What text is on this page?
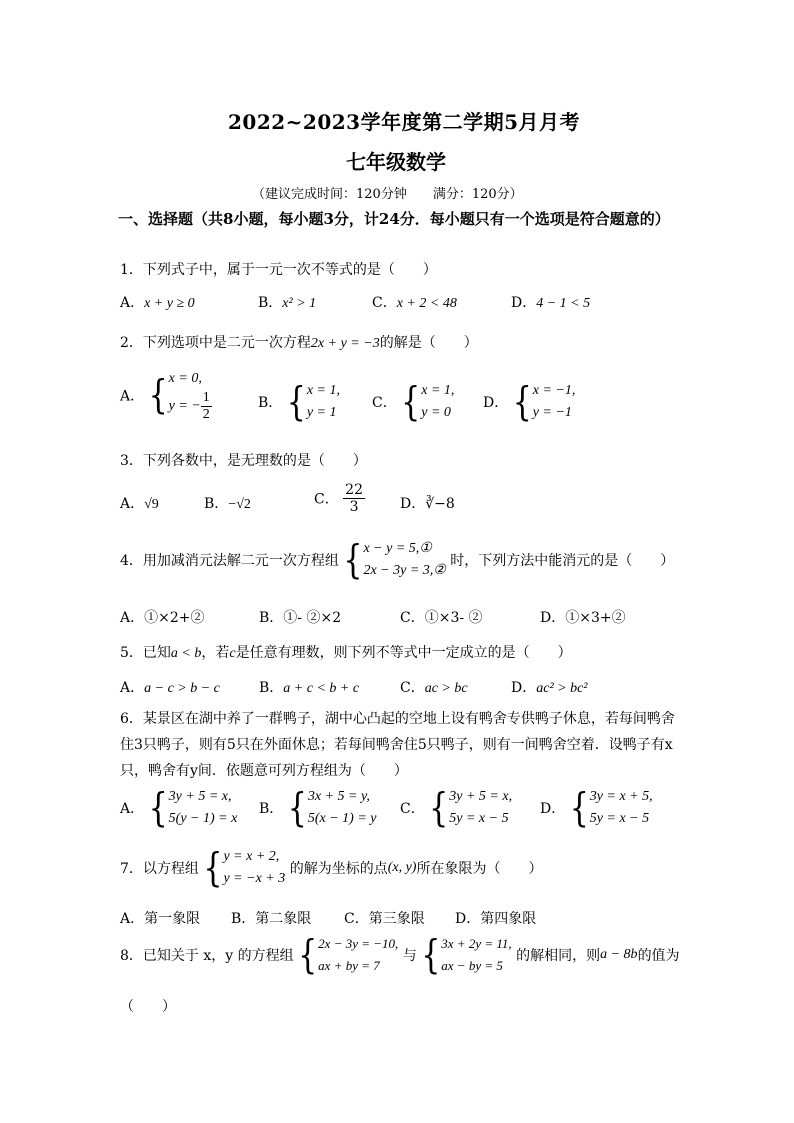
2022~2023学年度第二学期5月月考
七年级数学
（建议完成时间：120分钟　　满分：120分）
一、选择题（共8小题，每小题3分，计24分．每小题只有一个选项是符合题意的）
1．下列式子中，属于一元一次不等式的是（　　）
A．x + y ≥ 0	B．x² > 1	C．x + 2 < 48	D．4 − 1 < 5
2．下列选项中是二元一次方程2x + y = −3的解是（　　）
A． { x = 0,
y = − $\frac{1}{2}$	B． { x = 1,
y = 1
C． { x = 1,
y = 0
D． { x = −1,
y = −1
3．下列各数中，是无理数的是（　　）
A．√9	B．−√2	C． $\frac{22}{3}$	D．∛−8
4．用加减消元法解二元一次方程组 { x − y = 5,①
2x − 3y = 3,②
时，下列方法中能消元的是（　　）
A．①×2+②	B．①- ②×2	C．①×3- ②	D．①×3+②
5．已知a < b，若c是任意有理数，则下列不等式中一定成立的是（　　）
A．a − c > b − c	B．a + c < b + c	C．ac > bc	D．ac² > bc²
6．某景区在湖中养了一群鸭子，湖中心凸起的空地上设有鸭舍专供鸭子休息，若每间鸭舍住3只鸭子，则有5只在外面休息；若每间鸭舍住5只鸭子，则有一间鸭舍空着．设鸭子有x只，鸭舍有y间．依题意可列方程组为（　　）
A． { 3y + 5 = x,
5(y − 1) = x
B． { 3x + 5 = y,
5(x − 1) = y
C． { 3y + 5 = x,
5y = x − 5
D． { 3y = x + 5,
5y = x − 5
7．以方程组 { y = x + 2,
y = −x + 3
的解为坐标的点(x, y)所在象限为（　　）
A．第一象限 B．第二象限 C．第三象限 D．第四象限
8．已知关于 x，y 的方程组 { 2x − 3y = −10,
ax + by = 7
与 { 3x + 2y = 11,
ax − by = 5
的解相同，则a − 8b的值为
（　　）
